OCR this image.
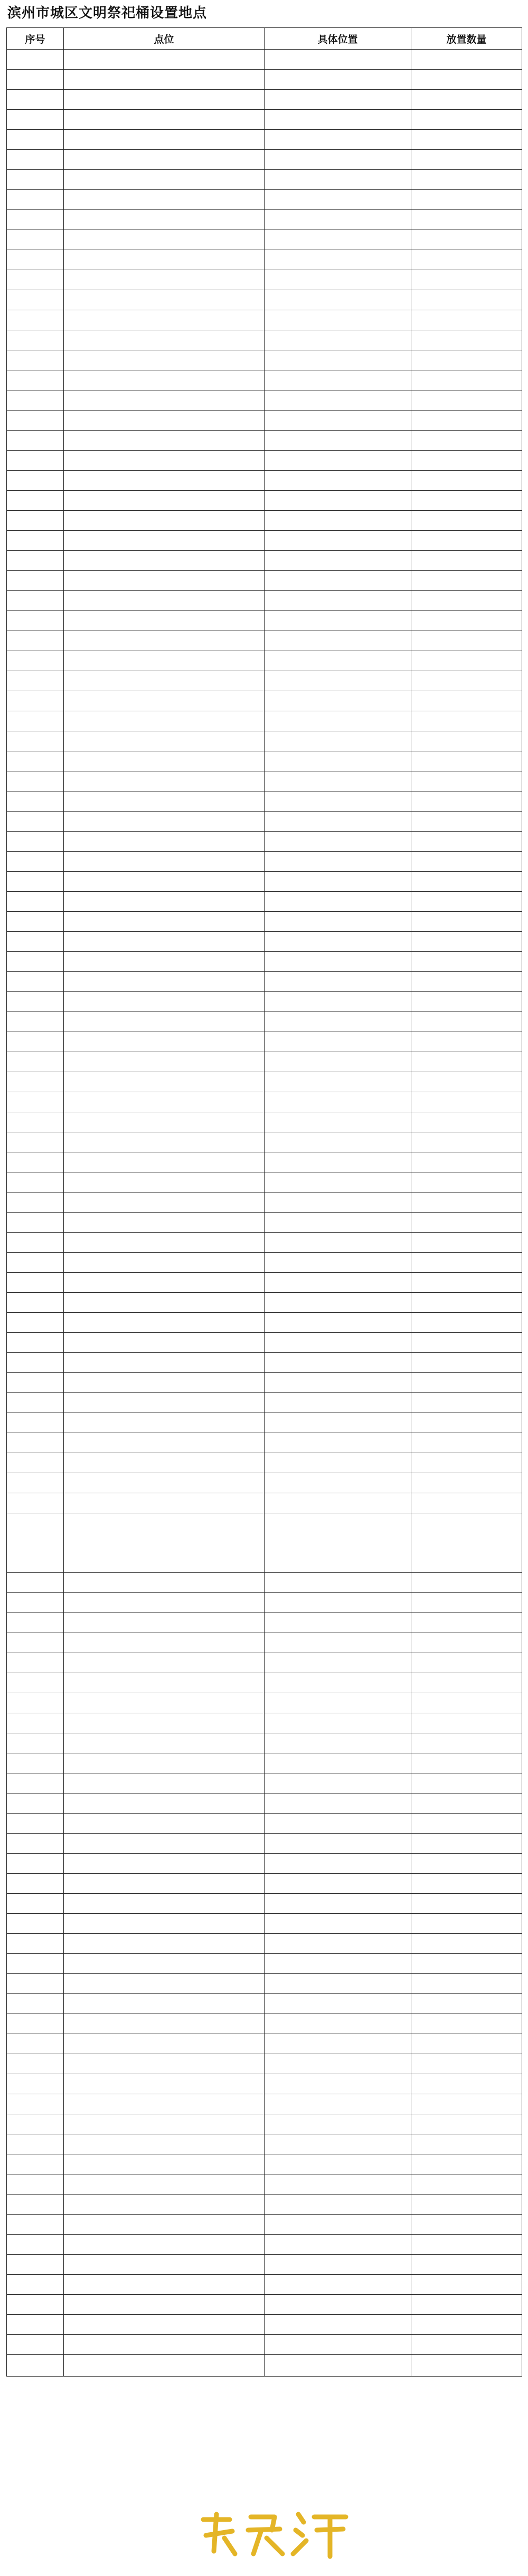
滨州市城区文明祭祀桶设置地点
序号	点位	具体位置	放置数量
